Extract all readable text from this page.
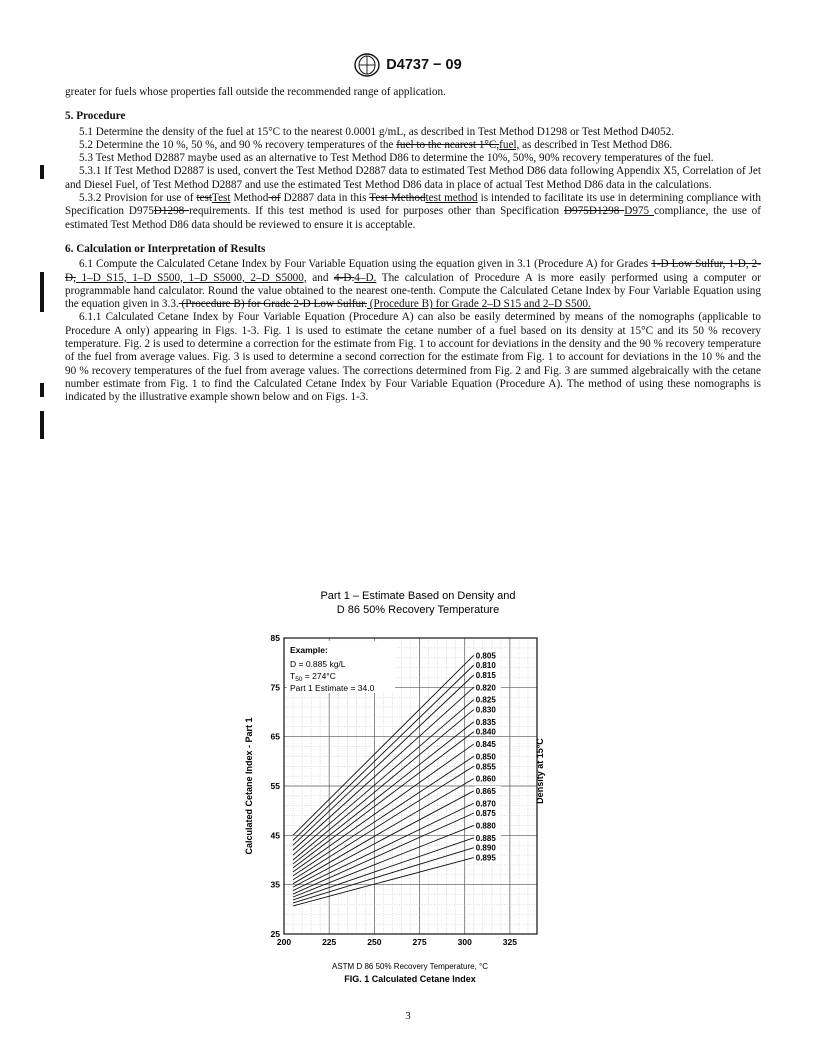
D4737 − 09

greater for fuels whose properties fall outside the recommended range of application.

5. Procedure

5.1 Determine the density of the fuel at 15°C to the nearest 0.0001 g/mL, as described in Test Method D1298 or Test Method D4052.

5.2 Determine the 10 %, 50 %, and 90 % recovery temperatures of the fuel to the nearest 1°C,fuel, as described in Test Method D86.

5.3 Test Method D2887 maybe used as an alternative to Test Method D86 to determine the 10%, 50%, 90% recovery temperatures of the fuel.

5.3.1 If Test Method D2887 is used, convert the Test Method D2887 data to estimated Test Method D86 data following Appendix X5, Correlation of Jet and Diesel Fuel, of Test Method D2887 and use the estimated Test Method D86 data in place of actual Test Method D86 data in the calculations.

5.3.2 Provision for use of testTest Method of D2887 data in this Test Methodtest method is intended to facilitate its use in determining compliance with Specification D975D1298 requirements. If this test method is used for purposes other than Specification D975D1298 D975 compliance, the use of estimated Test Method D86 data should be reviewed to ensure it is acceptable.

6. Calculation or Interpretation of Results

6.1 Compute the Calculated Cetane Index by Four Variable Equation using the equation given in 3.1 (Procedure A) for Grades 1-D Low Sulfur, 1-D, 2-D, 1–D S15, 1–D S500, 1–D S5000, 2–D S5000, and 4-D.4–D. The calculation of Procedure A is more easily performed using a computer or programmable hand calculator. Round the value obtained to the nearest one-tenth. Compute the Calculated Cetane Index by Four Variable Equation using the equation given in 3.3. (Procedure B) for Grade 2-D Low Sulfur. (Procedure B) for Grade 2–D S15 and 2–D S500.

6.1.1 Calculated Cetane Index by Four Variable Equation (Procedure A) can also be easily determined by means of the nomographs (applicable to Procedure A only) appearing in Figs. 1-3. Fig. 1 is used to estimate the cetane number of a fuel based on its density at 15°C and its 50 % recovery temperature. Fig. 2 is used to determine a correction for the estimate from Fig. 1 to account for deviations in the density and the 90 % recovery temperature of the fuel from average values. Fig. 3 is used to determine a second correction for the estimate from Fig. 1 to account for deviations in the 10 % and the 90 % recovery temperatures of the fuel from average values. The corrections determined from Fig. 2 and Fig. 3 are summed algebraically with the cetane number estimate from Fig. 1 to find the Calculated Cetane Index by Four Variable Equation (Procedure A). The method of using these nomographs is indicated by the illustrative example shown below and on Figs. 1-3.

Part 1 – Estimate Based on Density and
D 86 50% Recovery Temperature
0.805
0.810
0.815
0.820
0.825
0.830
0.835
0.840
0.845
0.850
0.855
0.860
0.865
0.870
0.875
0.880
0.885
0.890
0.895
25
35
45
55
65
75
85
200	225	250	275	300	325
Example:
D = 0.885 kg/L
$T_{50} = 274^\circ C$
Part 1 Estimate = 34.0
Calculated Cetane Index - Part 1	Density at 15°C
ASTM D 86 50% Recovery Temperature, °C
FIG. 1 Calculated Cetane Index
3
